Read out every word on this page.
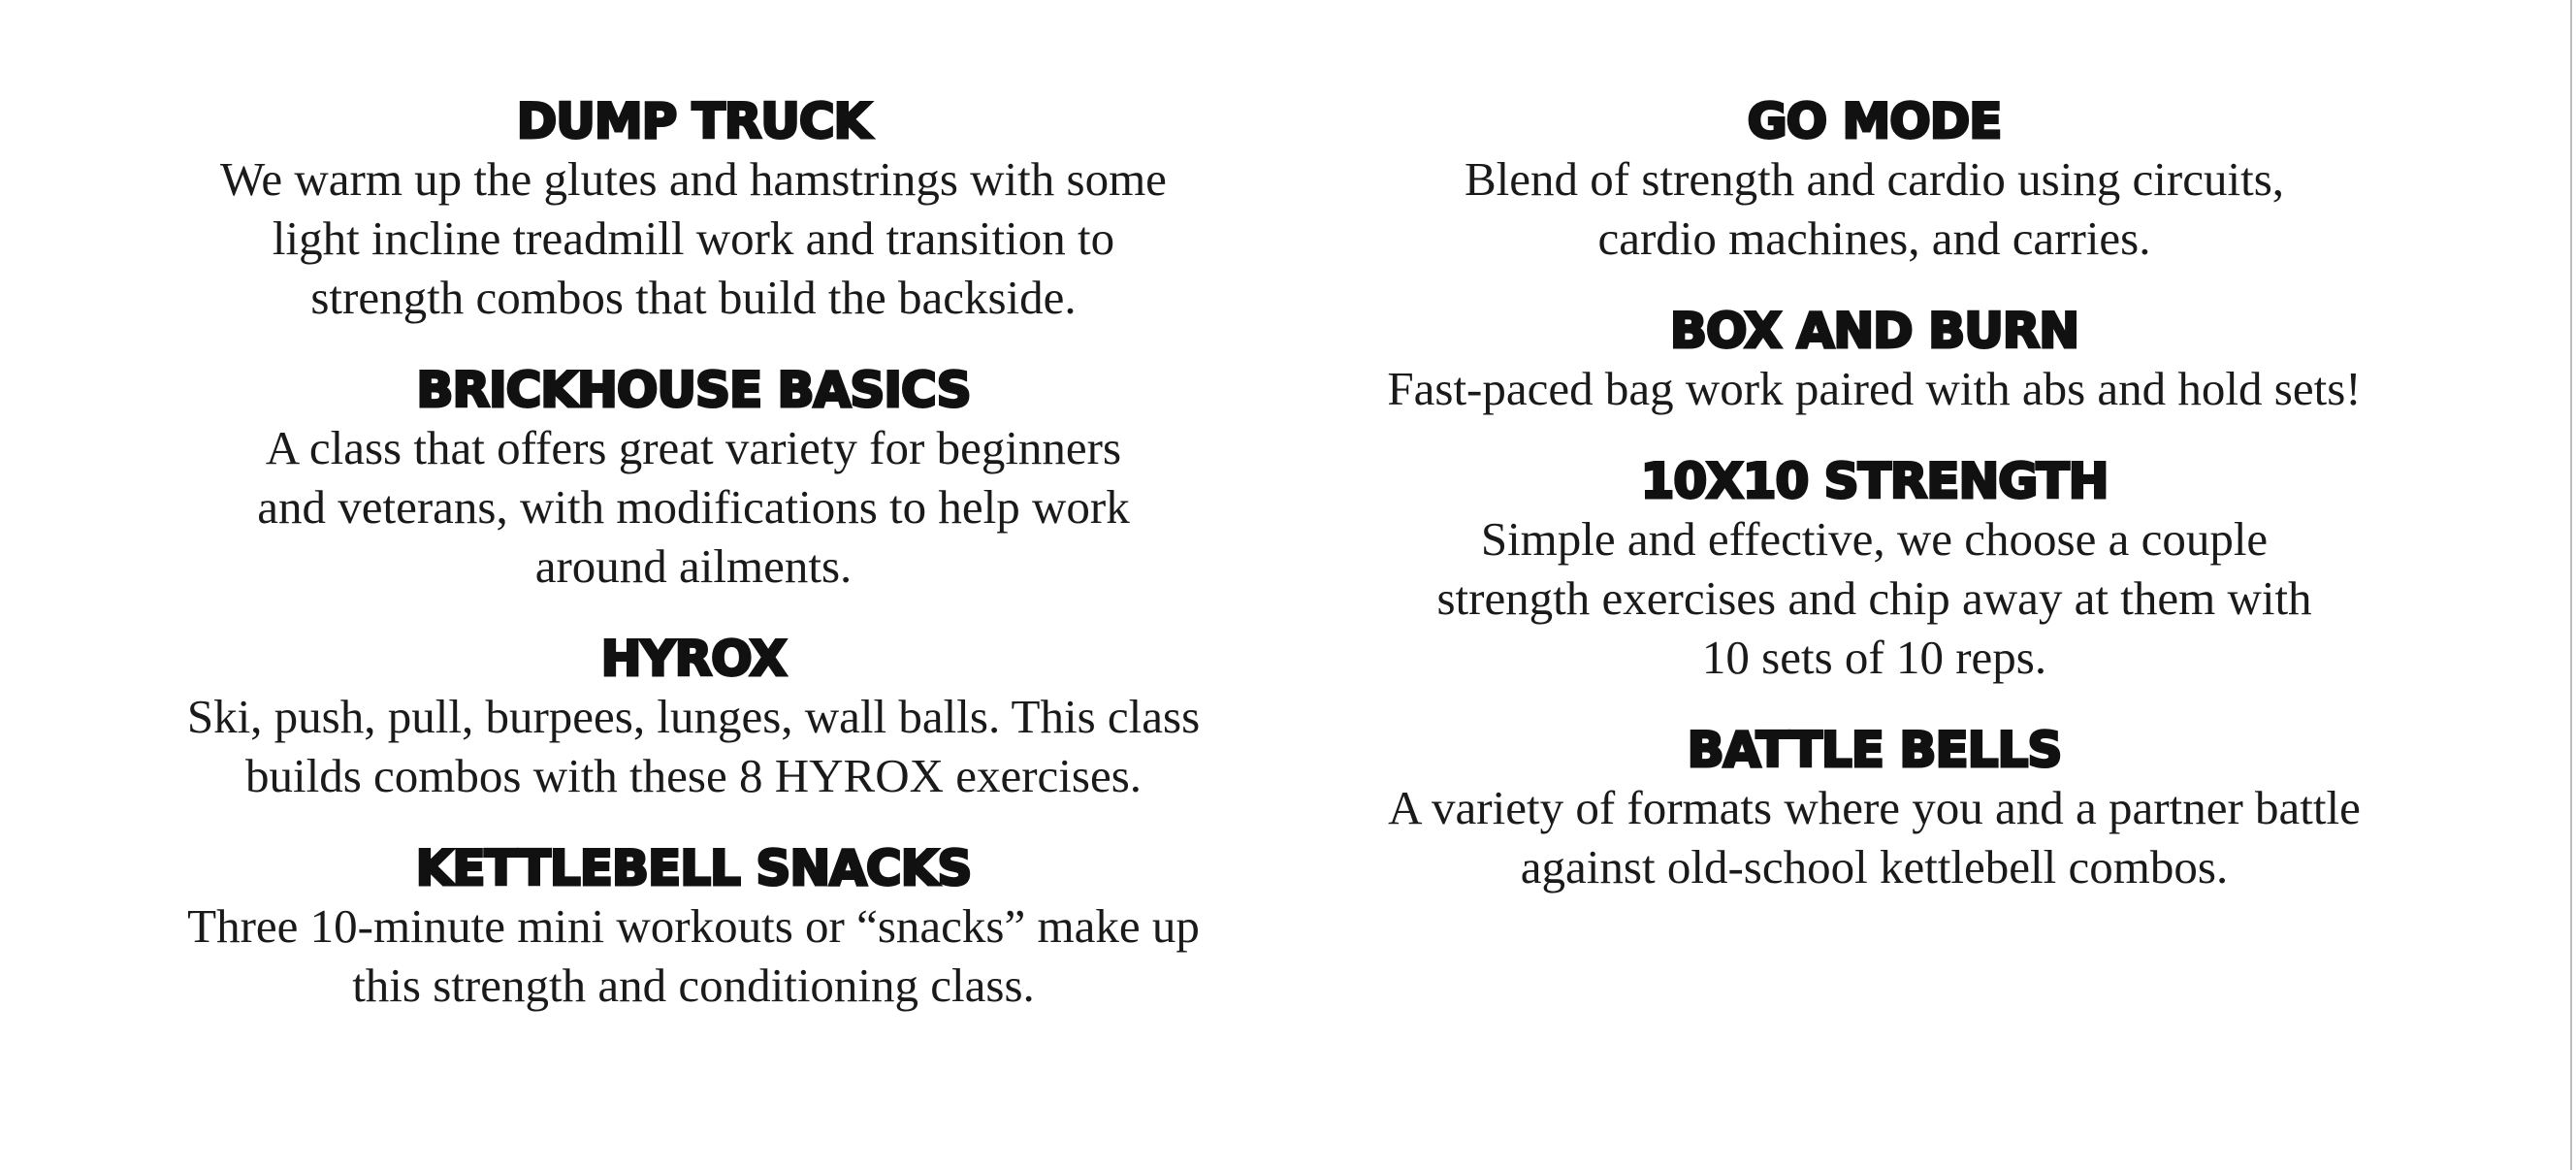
DUMP TRUCK

We warm up the glutes and hamstrings with some
light incline treadmill work and transition to
strength combos that build the backside.

BRICKHOUSE BASICS

A class that offers great variety for beginners
and veterans, with modifications to help work
around ailments.

HYROX

Ski, push, pull, burpees, lunges, wall balls. This class
builds combos with these 8 HYROX exercises.

KETTLEBELL SNACKS

Three 10-minute mini workouts or “snacks” make up
this strength and conditioning class.

GO MODE

Blend of strength and cardio using circuits,
cardio machines, and carries.

BOX AND BURN

Fast-paced bag work paired with abs and hold sets!

10X10 STRENGTH

Simple and effective, we choose a couple
strength exercises and chip away at them with
10 sets of 10 reps.

BATTLE BELLS

A variety of formats where you and a partner battle
against old-school kettlebell combos.
